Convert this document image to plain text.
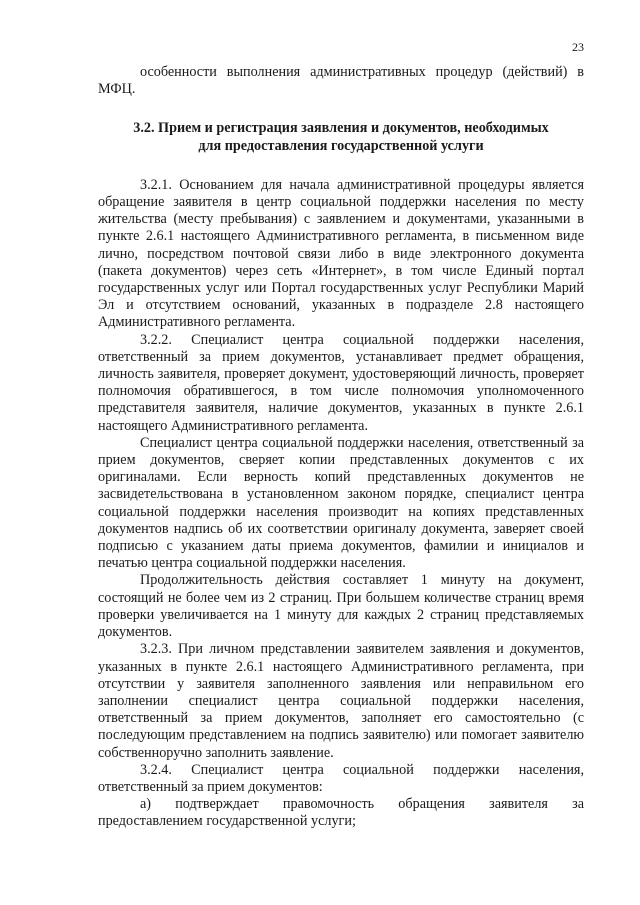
23

особенности выполнения административных процедур (действий) в МФЦ.

3.2. Прием и регистрация заявления и документов, необходимых
для предоставления государственной услуги

3.2.1. Основанием для начала административной процедуры является обращение заявителя в центр социальной поддержки населения по месту жительства (месту пребывания) с заявлением и документами, указанными в пункте 2.6.1 настоящего Административного регламента, в письменном виде лично, посредством почтовой связи либо в виде электронного документа (пакета документов) через сеть «Интернет», в том числе Единый портал государственных услуг или Портал государственных услуг Республики Марий Эл и отсутствием оснований, указанных в подразделе 2.8 настоящего Административного регламента.

3.2.2. Специалист центра социальной поддержки населения, ответственный за прием документов, устанавливает предмет обращения, личность заявителя, проверяет документ, удостоверяющий личность, проверяет полномочия обратившегося, в том числе полномочия уполномоченного представителя заявителя, наличие документов, указанных в пункте 2.6.1 настоящего Административного регламента.

Специалист центра социальной поддержки населения, ответственный за прием документов, сверяет копии представленных документов с их оригиналами. Если верность копий представленных документов не засвидетельствована в установленном законом порядке, специалист центра социальной поддержки населения производит на копиях представленных документов надпись об их соответствии оригиналу документа, заверяет своей подписью с указанием даты приема документов, фамилии и инициалов и печатью центра социальной поддержки населения.

Продолжительность действия составляет 1 минуту на документ, состоящий не более чем из 2 страниц. При большем количестве страниц время проверки увеличивается на 1 минуту для каждых 2 страниц представляемых документов.

3.2.3. При личном представлении заявителем заявления и документов, указанных в пункте 2.6.1 настоящего Административного регламента, при отсутствии у заявителя заполненного заявления или неправильном его заполнении специалист центра социальной поддержки населения, ответственный за прием документов, заполняет его самостоятельно (с последующим представлением на подпись заявителю) или помогает заявителю собственноручно заполнить заявление.

3.2.4. Специалист центра социальной поддержки населения, ответственный за прием документов:

а) подтверждает правомочность обращения заявителя за предоставлением государственной услуги;
